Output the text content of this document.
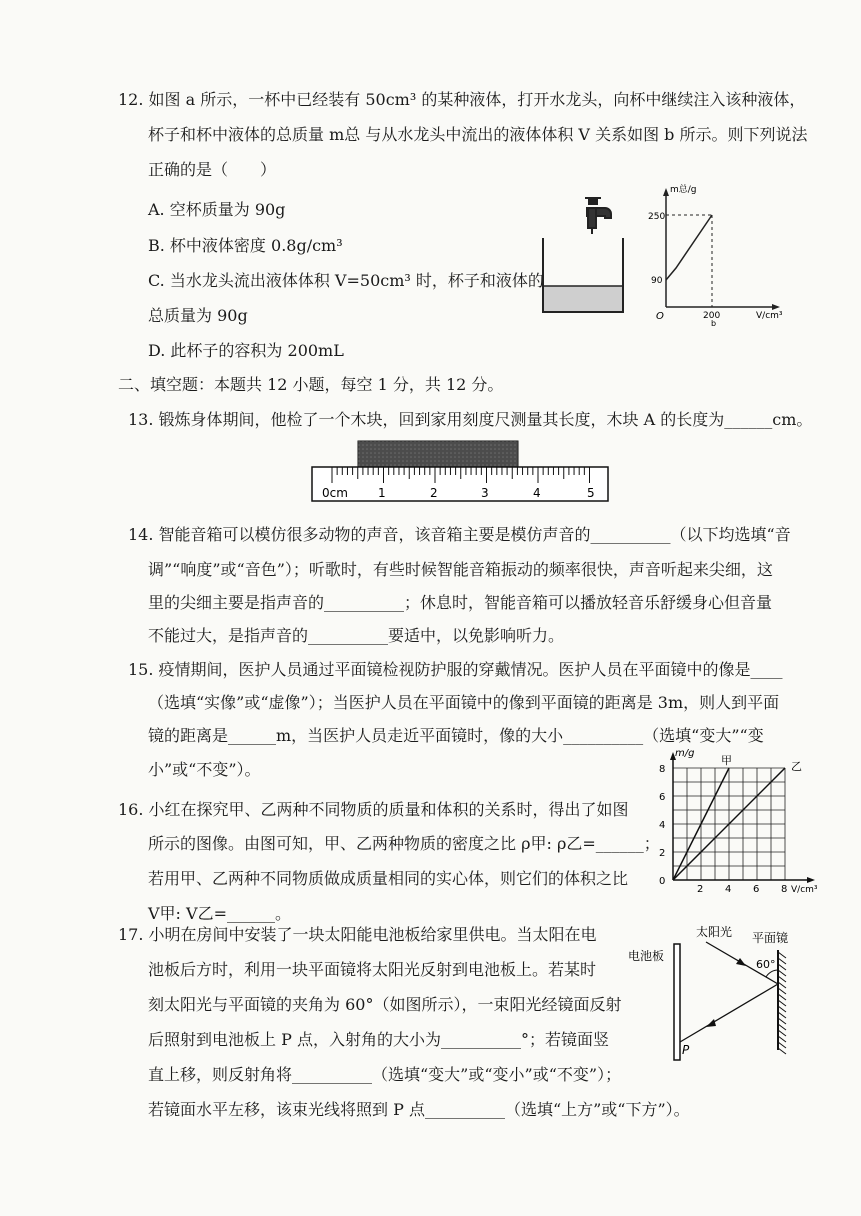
12. 如图 a 所示，一杯中已经装有 50cm³ 的某种液体，打开水龙头，向杯中继续注入该种液体，
杯子和杯中液体的总质量 m总 与从水龙头中流出的液体体积 V 关系如图 b 所示。则下列说法
正确的是（　　）
A. 空杯质量为 90g
B. 杯中液体密度 0.8g/cm³
C. 当水龙头流出液体体积 V=50cm³ 时，杯子和液体的
总质量为 90g
D. 此杯子的容积为 200mL
m总/g
250
90
O	200	V/cm³
b
二、填空题：本题共 12 小题，每空 1 分，共 12 分。
13. 锻炼身体期间，他检了一个木块，回到家用刻度尺测量其长度，木块 A 的长度为______cm。
0cm	1	2	3	4	5
14. 智能音箱可以模仿很多动物的声音，该音箱主要是模仿声音的__________（以下均选填“音
调”“响度”或“音色”）；听歌时，有些时候智能音箱振动的频率很快，声音听起来尖细，这
里的尖细主要是指声音的__________；休息时，智能音箱可以播放轻音乐舒缓身心但音量
不能过大，是指声音的__________要适中，以免影响听力。
15. 疫情期间，医护人员通过平面镜检视防护服的穿戴情况。医护人员在平面镜中的像是____
（选填“实像”或“虚像”）；当医护人员在平面镜中的像到平面镜的距离是 3m，则人到平面
镜的距离是______m，当医护人员走近平面镜时，像的大小__________（选填“变大”“变
小”或“不变”）。
16. 小红在探究甲、乙两种不同物质的质量和体积的关系时，得出了如图
所示的图像。由图可知，甲、乙两种物质的密度之比 ρ甲: ρ乙=______；
若用甲、乙两种不同物质做成质量相同的实心体，则它们的体积之比
V甲: V乙=______。
m/g
甲	乙
8
6
4
2
0
2 4 6 8 V/cm³
17. 小明在房间中安装了一块太阳能电池板给家里供电。当太阳在电
池板后方时，利用一块平面镜将太阳光反射到电池板上。若某时
刻太阳光与平面镜的夹角为 60°（如图所示），一束阳光经镜面反射
后照射到电池板上 P 点，入射角的大小为__________°；若镜面竖
直上移，则反射角将__________（选填“变大”或“变小”或“不变”）；
若镜面水平左移，该束光线将照到 P 点__________（选填“上方”或“下方”）。
太阳光 平面镜
电池板
60°
P
